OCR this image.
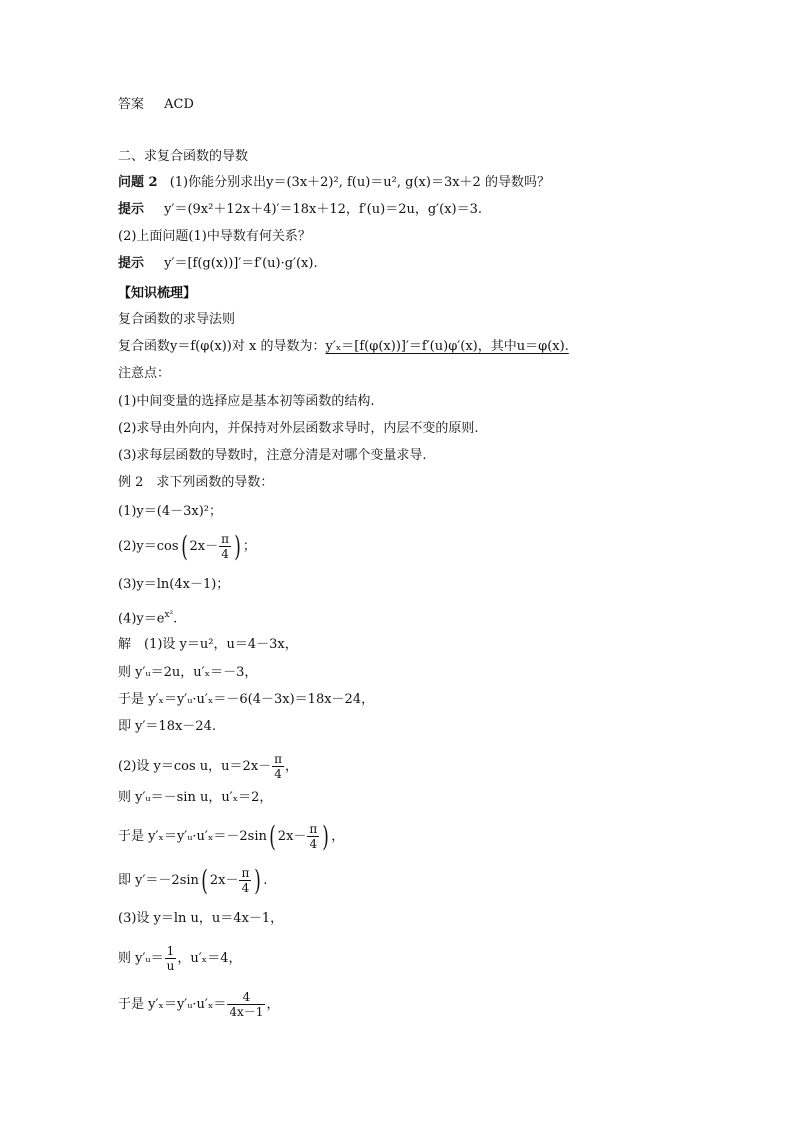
答案 ACD
二、求复合函数的导数
问题 2 (1)你能分别求出y＝(3x＋2)², f(u)＝u², g(x)＝3x＋2 的导数吗？
提示 y′＝(9x²＋12x＋4)′＝18x＋12，f′(u)＝2u，g′(x)＝3.
(2)上面问题(1)中导数有何关系？
提示 y′＝[f(g(x))]′＝f′(u)·g′(x).
【知识梳理】
复合函数的求导法则
复合函数y＝f(φ(x))对 x 的导数为：y′ₓ＝[f(φ(x))]′＝f′(u)φ′(x)，其中u＝φ(x).
注意点：
(1)中间变量的选择应是基本初等函数的结构.
(2)求导由外向内，并保持对外层函数求导时，内层不变的原则.
(3)求每层函数的导数时，注意分清是对哪个变量求导.
例 2　求下列函数的导数：
(1)y＝(4－3x)²；
(2)y＝cos( $2x- \frac{\pi}{4}$ ) ；
(3)y＝ln(4x－1)；
$(4)y=e^{x^2}$.
解　(1)设 y＝u²，u＝4－3x，
则 y′ᵤ＝2u，u′ₓ＝－3，
于是 y′ₓ＝y′ᵤ·u′ₓ＝－6(4－3x)＝18x－24，
即 y′＝18x－24.
(2)设 y＝cos u，$u=2x- \frac{\pi}{4}$ ，
则 y′ᵤ＝－sin u，u′ₓ＝2，
于是 y′ₓ＝y′ᵤ·u′ₓ＝－2sin( $2x- \frac{\pi}{4}$ ) ，
即 y′＝－2sin( $2x- \frac{\pi}{4}$ ) .
(3)设 y＝ln u，u＝4x－1，
则 y′ᵤ＝ $\frac{1}{u}$ ，u′ₓ＝4，
于是 y′ₓ＝y′ᵤ·u′ₓ＝ $\frac{4}{4x-1}$ ，
